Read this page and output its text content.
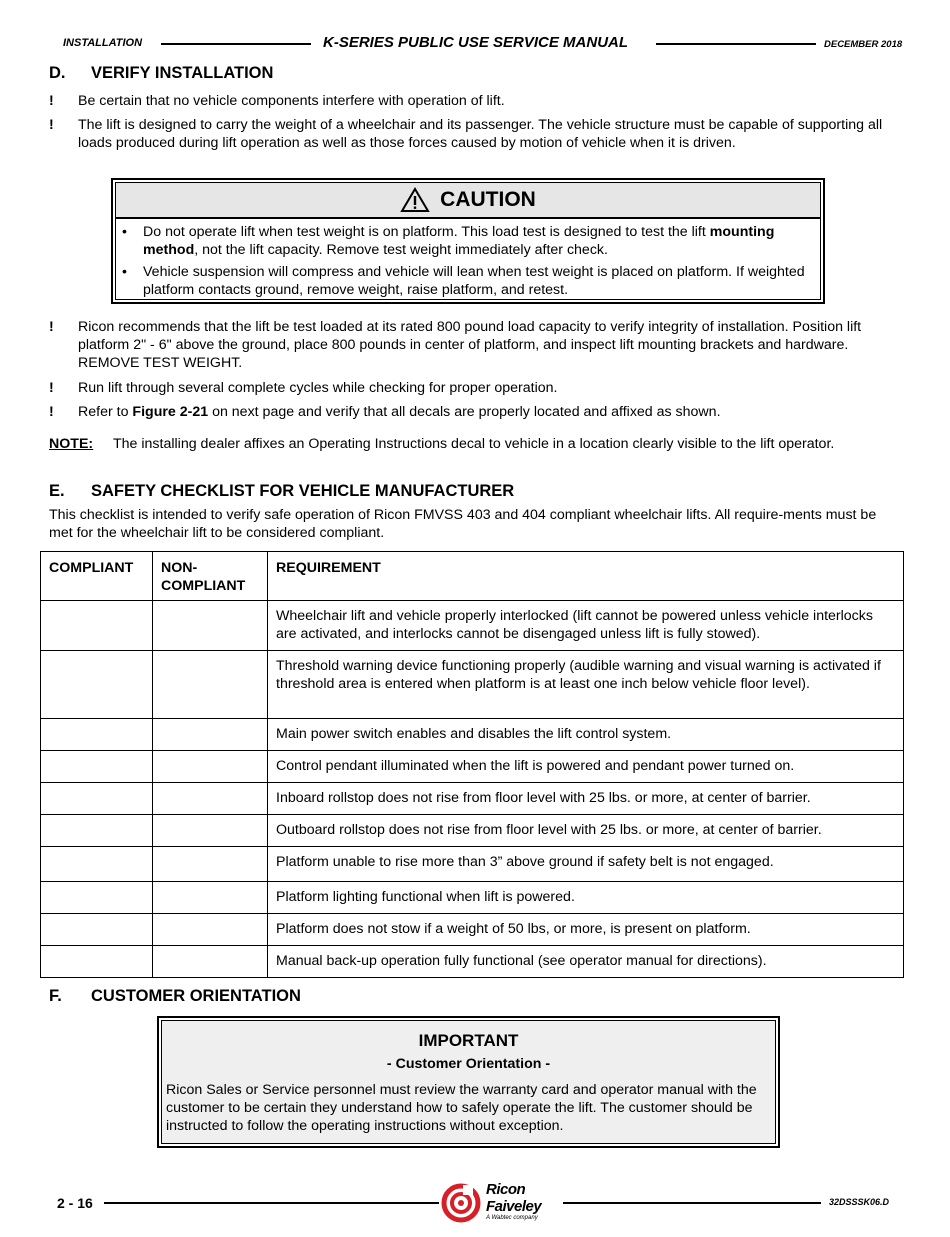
INSTALLATION	K-SERIES PUBLIC USE SERVICE MANUAL	DECEMBER 2018
D. VERIFY INSTALLATION
! Be certain that no vehicle components interfere with operation of lift.
! The lift is designed to carry the weight of a wheelchair and its passenger. The vehicle structure must be capable of supporting all loads produced during lift operation as well as those forces caused by motion of vehicle when it is driven.
CAUTION
• Do not operate lift when test weight is on platform. This load test is designed to test the lift mounting method, not the lift capacity. Remove test weight immediately after check.
• Vehicle suspension will compress and vehicle will lean when test weight is placed on platform. If weighted platform contacts ground, remove weight, raise platform, and retest.
! Ricon recommends that the lift be test loaded at its rated 800 pound load capacity to verify integrity of installation. Position lift platform 2" - 6" above the ground, place 800 pounds in center of platform, and inspect lift mounting brackets and hardware. REMOVE TEST WEIGHT.
! Run lift through several complete cycles while checking for proper operation.
! Refer to Figure 2-21 on next page and verify that all decals are properly located and affixed as shown.
NOTE: The installing dealer affixes an Operating Instructions decal to vehicle in a location clearly visible to the lift operator.
E. SAFETY CHECKLIST FOR VEHICLE MANUFACTURER
This checklist is intended to verify safe operation of Ricon FMVSS 403 and 404 compliant wheelchair lifts. All require-ments must be met for the wheelchair lift to be considered compliant.
COMPLIANT	NON-COMPLIANT	REQUIREMENT
		Wheelchair lift and vehicle properly interlocked (lift cannot be powered unless vehicle interlocks are activated, and interlocks cannot be disengaged unless lift is fully stowed).
		Threshold warning device functioning properly (audible warning and visual warning is activated if threshold area is entered when platform is at least one inch below vehicle floor level).
		Main power switch enables and disables the lift control system.
		Control pendant illuminated when the lift is powered and pendant power turned on.
		Inboard rollstop does not rise from floor level with 25 lbs. or more, at center of barrier.
		Outboard rollstop does not rise from floor level with 25 lbs. or more, at center of barrier.
		Platform unable to rise more than 3” above ground if safety belt is not engaged.
		Platform lighting functional when lift is powered.
		Platform does not stow if a weight of 50 lbs, or more, is present on platform.
		Manual back-up operation fully functional (see operator manual for directions).
F. CUSTOMER ORIENTATION
IMPORTANT
- Customer Orientation -
Ricon Sales or Service personnel must review the warranty card and operator manual with the customer to be certain they understand how to safely operate the lift. The customer should be instructed to follow the operating instructions without exception.
2 - 16
Ricon
Faiveley
A Wabtec company
32DSSSK06.D
